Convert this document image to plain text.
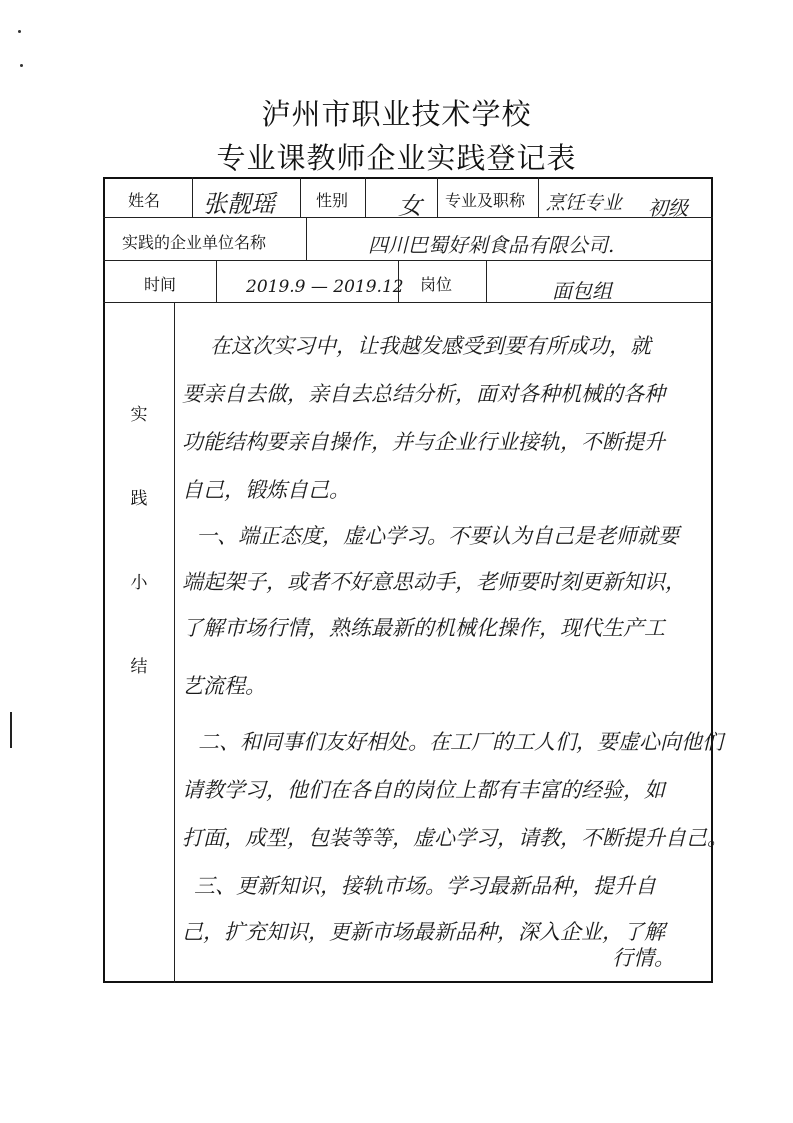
泸州市职业技术学校
专业课教师企业实践登记表
姓名 张靓瑶	性别 女 专业及职称 烹饪专业 初级
实践的企业单位名称	四川巴蜀好剁食品有限公司.
时间	2019.9 — 2019.12 岗位	面包组
实
践
小
结
在这次实习中，让我越发感受到要有所成功，就
要亲自去做，亲自去总结分析，面对各种机械的各种
功能结构要亲自操作，并与企业行业接轨，不断提升
自己，锻炼自己。
一、端正态度，虚心学习。不要认为自己是老师就要
端起架子，或者不好意思动手，老师要时刻更新知识，
了解市场行情，熟练最新的机械化操作，现代生产工
艺流程。
二、和同事们友好相处。在工厂的工人们，要虚心向他们
请教学习，他们在各自的岗位上都有丰富的经验，如
打面，成型，包装等等，虚心学习，请教，不断提升自己。
三、更新知识，接轨市场。学习最新品种，提升自
己，扩充知识，更新市场最新品种，深入企业，了解
行情。
